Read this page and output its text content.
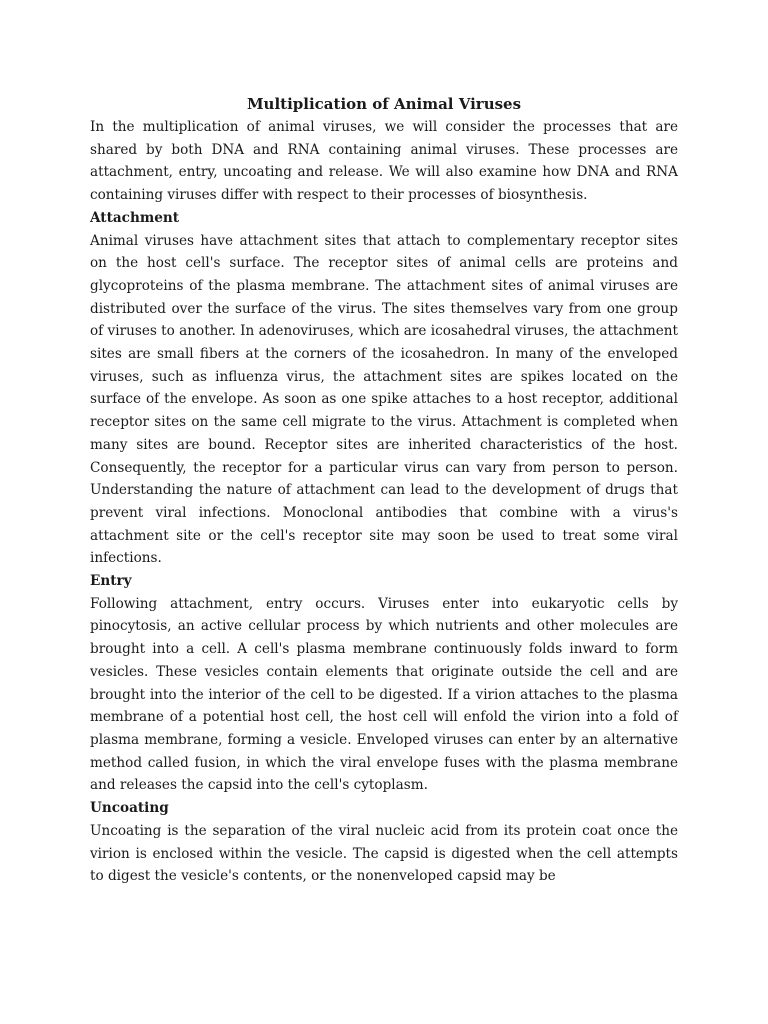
Multiplication of Animal Viruses

In the multiplication of animal viruses, we will consider the processes that are shared by both DNA and RNA containing animal viruses. These processes are attachment, entry, uncoating and release. We will also examine how DNA and RNA containing viruses differ with respect to their processes of biosynthesis.

Attachment

Animal viruses have attachment sites that attach to complementary receptor sites on the host cell's surface. The receptor sites of animal cells are proteins and glycoproteins of the plasma membrane. The attachment sites of animal viruses are distributed over the surface of the virus. The sites themselves vary from one group of viruses to another. In adenoviruses, which are icosahedral viruses, the attachment sites are small fibers at the corners of the icosahedron. In many of the enveloped viruses, such as influenza virus, the attachment sites are spikes located on the surface of the envelope. As soon as one spike attaches to a host receptor, additional receptor sites on the same cell migrate to the virus. Attachment is completed when many sites are bound. Receptor sites are inherited characteristics of the host. Consequently, the receptor for a particular virus can vary from person to person. Understanding the nature of attachment can lead to the development of drugs that prevent viral infections. Monoclonal antibodies that combine with a virus's attachment site or the cell's receptor site may soon be used to treat some viral infections.

Entry

Following attachment, entry occurs. Viruses enter into eukaryotic cells by pinocytosis, an active cellular process by which nutrients and other molecules are brought into a cell. A cell's plasma membrane continuously folds inward to form vesicles. These vesicles contain elements that originate outside the cell and are brought into the interior of the cell to be digested. If a virion attaches to the plasma membrane of a potential host cell, the host cell will enfold the virion into a fold of plasma membrane, forming a vesicle. Enveloped viruses can enter by an alternative method called fusion, in which the viral envelope fuses with the plasma membrane and releases the capsid into the cell's cytoplasm.

Uncoating

Uncoating is the separation of the viral nucleic acid from its protein coat once the virion is enclosed within the vesicle. The capsid is digested when the cell attempts to digest the vesicle's contents, or the nonenveloped capsid may be
